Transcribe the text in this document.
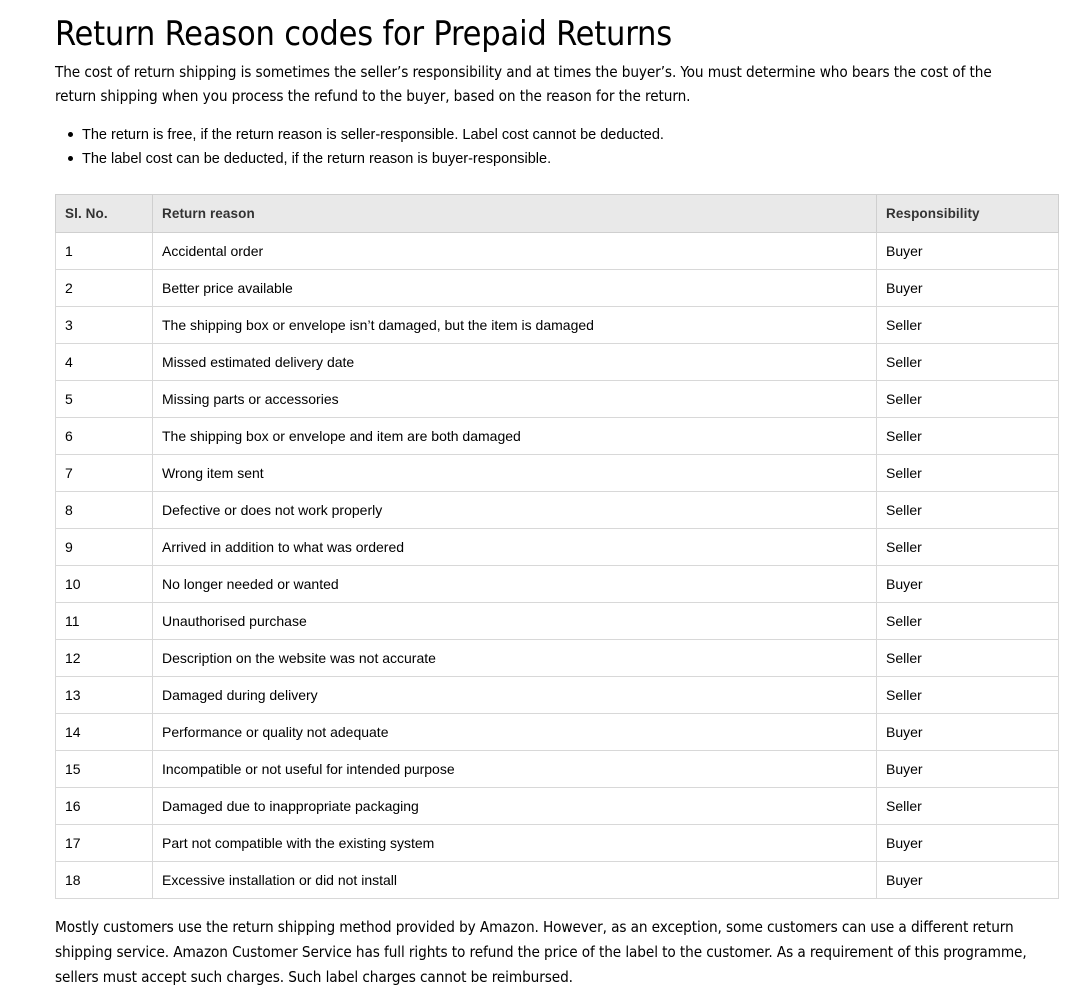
Return Reason codes for Prepaid Returns

The cost of return shipping is sometimes the seller’s responsibility and at times the buyer’s. You must determine who bears the cost of the return shipping when you process the refund to the buyer, based on the reason for the return.

The return is free, if the return reason is seller-responsible. Label cost cannot be deducted.
The label cost can be deducted, if the return reason is buyer-responsible.
Sl. No.	Return reason	Responsibility
1	Accidental order	Buyer
2	Better price available	Buyer
3	The shipping box or envelope isn’t damaged, but the item is damaged	Seller
4	Missed estimated delivery date	Seller
5	Missing parts or accessories	Seller
6	The shipping box or envelope and item are both damaged	Seller
7	Wrong item sent	Seller
8	Defective or does not work properly	Seller
9	Arrived in addition to what was ordered	Seller
10	No longer needed or wanted	Buyer
11	Unauthorised purchase	Seller
12	Description on the website was not accurate	Seller
13	Damaged during delivery	Seller
14	Performance or quality not adequate	Buyer
15	Incompatible or not useful for intended purpose	Buyer
16	Damaged due to inappropriate packaging	Seller
17	Part not compatible with the existing system	Buyer
18	Excessive installation or did not install	Buyer

Mostly customers use the return shipping method provided by Amazon. However, as an exception, some customers can use a different return shipping service. Amazon Customer Service has full rights to refund the price of the label to the customer. As a requirement of this programme, sellers must accept such charges. Such label charges cannot be reimbursed.
